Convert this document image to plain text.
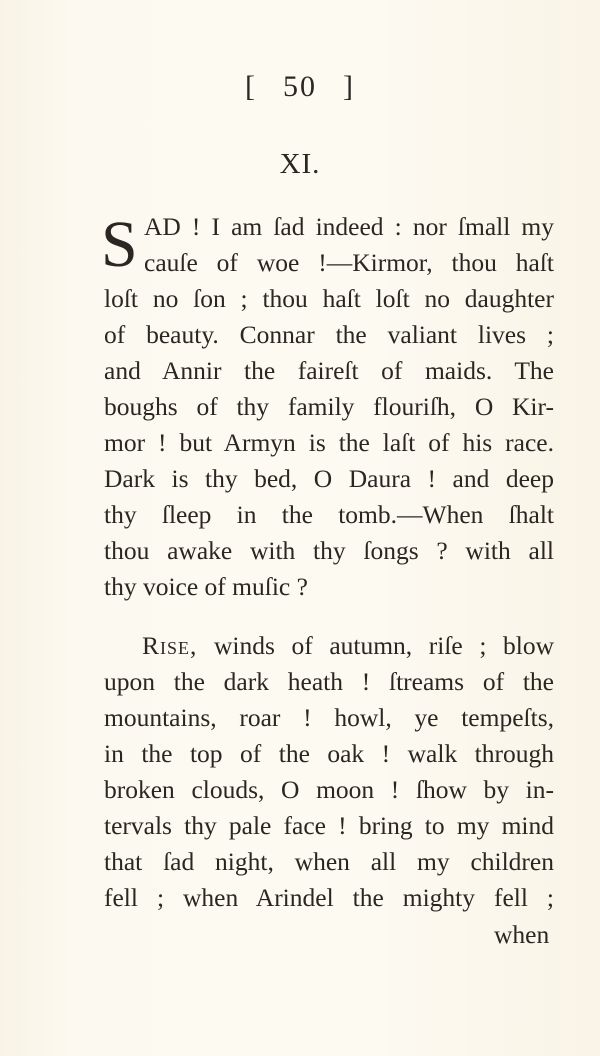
[ 50 ]
XI.
S AD ! I am ſad indeed : nor ſmall my
cauſe of woe !—Kirmor, thou haſt
loſt no ſon ; thou haſt loſt no daughter
of beauty. Connar the valiant lives ;
and Annir the faireſt of maids. The
boughs of thy family flouriſh, O Kir-
mor ! but Armyn is the laſt of his race.
Dark is thy bed, O Daura ! and deep
thy ſleep in the tomb.—When ſhalt
thou awake with thy ſongs ? with all
thy voice of muſic ?
Rise, winds of autumn, riſe ; blow
upon the dark heath ! ſtreams of the
mountains, roar ! howl, ye tempeſts,
in the top of the oak ! walk through
broken clouds, O moon ! ſhow by in-
tervals thy pale face ! bring to my mind
that ſad night, when all my children
fell ; when Arindel the mighty fell ;
when
